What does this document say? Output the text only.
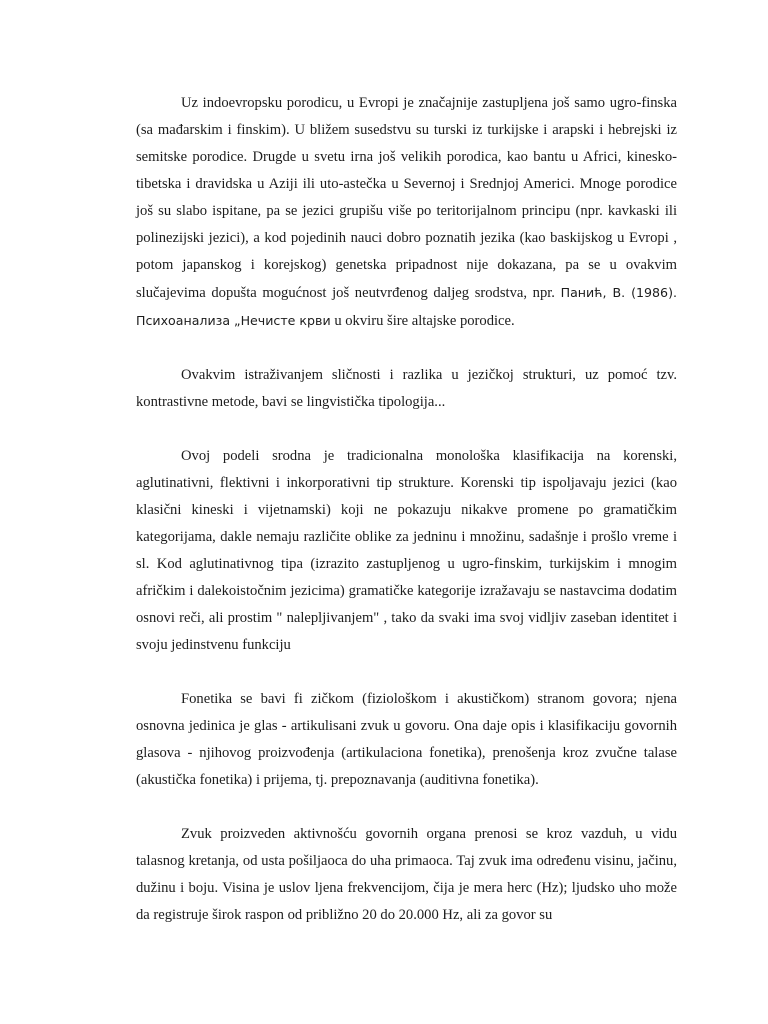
Uz indoevropsku porodicu, u Evropi je značajnije zastupljena još samo ugro-finska (sa mađarskim i finskim). U bližem susedstvu su turski iz turkijske i arapski i hebrejski iz semitske porodice. Drugde u svetu irna još velikih porodica, kao bantu u Africi, kinesko-tibetska i dravidska u Aziji ili uto-astečka u Severnoj i Srednjoj Americi. Mnoge porodice još su slabo ispitane, pa se jezici grupišu više po teritorijalnom principu (npr. kavkaski ili polinezijski jezici), a kod pojedinih nauci dobro poznatih jezika (kao baskijskog u Evropi , potom japanskog i korejskog) genetska pripadnost nije dokazana, pa se u ovakvim slučajevima dopušta mogućnost još neutvrđenog daljeg srodstva, npr. Панић, В. (1986). Психоанализа „Нечисте крви u okviru šire altajske porodice.

Ovakvim istraživanjem sličnosti i razlika u jezičkoj strukturi, uz pomoć tzv. kontrastivne metode, bavi se lingvistička tipologija...

Ovoj podeli srodna je tradicionalna monološka klasifikacija na korenski, aglutinativni, flektivni i inkorporativni tip strukture. Korenski tip ispoljavaju jezici (kao klasični kineski i vijetnamski) koji ne pokazuju nikakve promene po gramatičkim kategorijama, dakle nemaju različite oblike za jedninu i množinu, sadašnje i prošlo vreme i sl. Kod aglutinativnog tipa (izrazito zastupljenog u ugro-finskim, turkijskim i mnogim afričkim i dalekoistočnim jezicima) gramatičke kategorije izražavaju se nastavcima dodatim osnovi reči, ali prostim " nalepljivanjem" , tako da svaki ima svoj vidljiv zaseban identitet i svoju jedinstvenu funkciju

Fonetika se bavi fi zičkom (fiziološkom i akustičkom) stranom govora; njena osnovna jedinica je glas - artikulisani zvuk u govoru. Ona daje opis i klasifikaciju govornih glasova - njihovog proizvođenja (artikulaciona fonetika), prenošenja kroz zvučne talase (akustička fonetika) i prijema, tj. prepoznavanja (auditivna fonetika).

Zvuk proizveden aktivnošću govornih organa prenosi se kroz vazduh, u vidu talasnog kretanja, od usta pošiljaoca do uha primaoca. Taj zvuk ima određenu visinu, jačinu, dužinu i boju. Visina je uslov ljena frekvencijom, čija je mera herc (Hz); ljudsko uho može da registruje širok raspon od približno 20 do 20.000 Hz, ali za govor su
